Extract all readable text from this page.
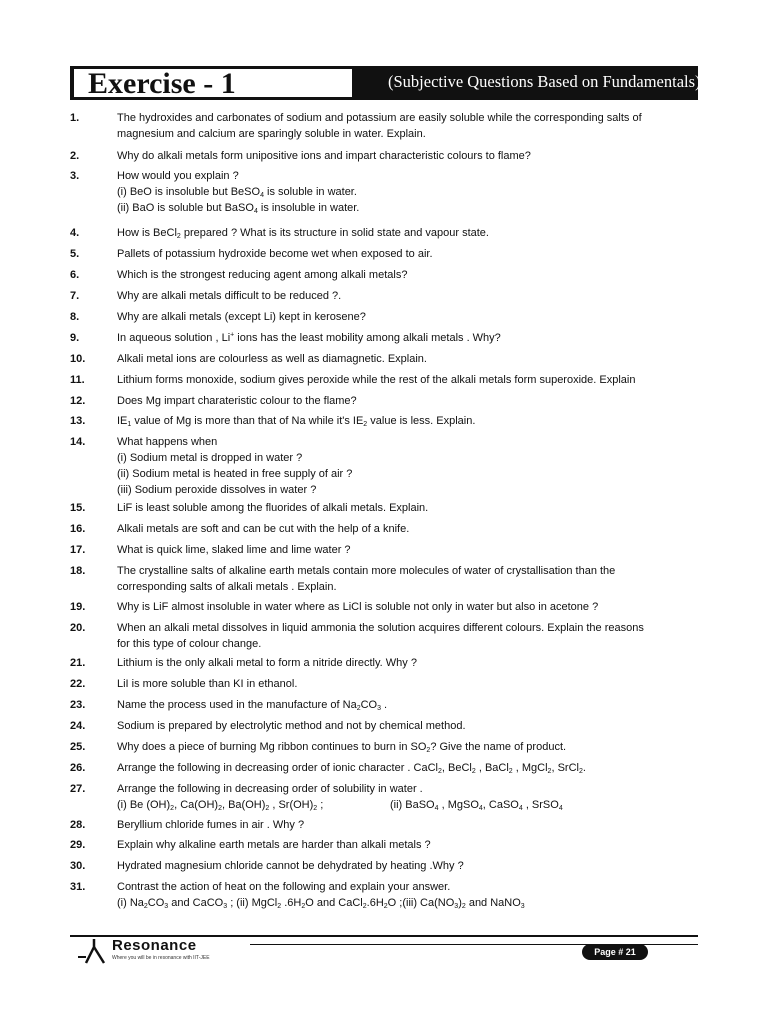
Exercise - 1	(Subjective Questions Based on Fundamentals)
1.	The hydroxides and carbonates of sodium and potassium are easily soluble while the corresponding salts of
magnesium and calcium are sparingly soluble in water. Explain.
2.	Why do alkali metals form unipositive ions and impart characteristic colours to flame?
3.	How would you explain ?
(i) BeO is insoluble but BeSO$_4$ is soluble in water.
(ii) BaO is soluble but BaSO$_4$ is insoluble in water.
4.	How is BeCl$_2$ prepared ? What is its structure in solid state and vapour state.
5.	Pallets of potassium hydroxide become wet when exposed to air.
6.	Which is the strongest reducing agent among alkali metals?
7.	Why are alkali metals difficult to be reduced ?.
8.	Why are alkali metals (except Li) kept in kerosene?
9.	In aqueous solution , Li+ ions has the least mobility among alkali metals . Why?
10.	Alkali metal ions are colourless as well as diamagnetic. Explain.
11.	Lithium forms monoxide, sodium gives peroxide while the rest of the alkali metals form superoxide. Explain
12.	Does Mg impart charateristic colour to the flame?
13.	$IE_1$ value of Mg is more than that of Na while it's $IE_2$ value is less. Explain.
14.	What happens when
(i) Sodium metal is dropped in water ?
(ii) Sodium metal is heated in free supply of air ?
(iii) Sodium peroxide dissolves in water ?
15.	LiF is least soluble among the fluorides of alkali metals. Explain.
16.	Alkali metals are soft and can be cut with the help of a knife.
17.	What is quick lime, slaked lime and lime water ?
18.	The crystalline salts of alkaline earth metals contain more molecules of water of crystallisation than the
corresponding salts of alkali metals . Explain.
19.	Why is LiF almost insoluble in water where as LiCl is soluble not only in water but also in acetone ?
20.	When an alkali metal dissolves in liquid ammonia the solution acquires different colours. Explain the reasons
for this type of colour change.
21.	Lithium is the only alkali metal to form a nitride directly. Why ?
22.	LiI is more soluble than KI in ethanol.
23.	Name the process used in the manufacture of $Na_2CO_3$ .
24.	Sodium is prepared by electrolytic method and not by chemical method.
25.	Why does a piece of burning Mg ribbon continues to burn in $SO_2$? Give the name of product.
26.	Arrange the following in decreasing order of ionic character . CaCl$_2$, BeCl$_2$ , BaCl$_2$ , MgCl$_2$, SrCl$_2$.
27.	Arrange the following in decreasing order of solubility in water .
(i) Be $(OH)_2$, $Ca(OH)_2$, $Ba(OH)_2$ , $Sr(OH)_2$ ;	(ii) BaSO$_4$ , MgSO$_4$, CaSO$_4$ , SrSO$_4$
28.	Beryllium chloride fumes in air . Why ?
29.	Explain why alkaline earth metals are harder than alkali metals ?
30.	Hydrated magnesium chloride cannot be dehydrated by heating .Why ?
31.	Contrast the action of heat on the following and explain your answer.
(i) $Na_2CO_3$ and CaCO$_3$ ; (ii) MgCl$_2$ $.6H_2O$ and $CaCl_2.6H_2O$ ;(iii) $Ca(NO_3)_2$ and NaNO$_3$
Resonance
Where you will be in resonance with IIT-JEE
Page # 21
